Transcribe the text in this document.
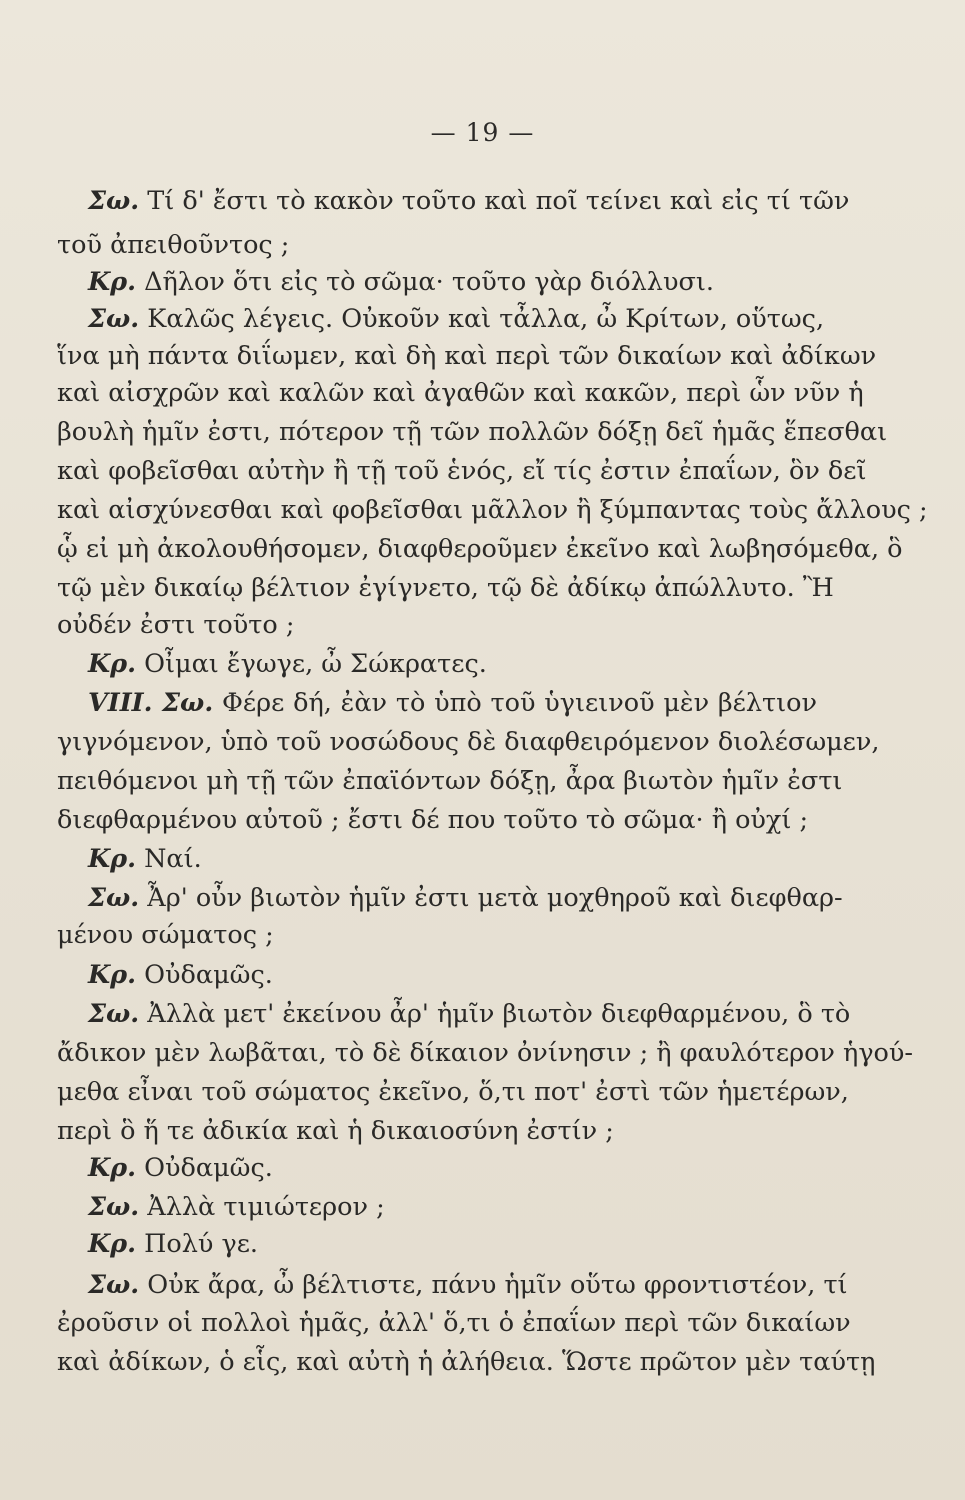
— 19 —
Σω. Τί δ' ἔστι τὸ κακὸν τοῦτο καὶ ποῖ τείνει καὶ εἰς τί τῶν
τοῦ ἀπειθοῦντος ;
Κρ. Δῆλον ὅτι εἰς τὸ σῶμα· τοῦτο γὰρ διόλλυσι.
Σω. Καλῶς λέγεις. Οὐκοῦν καὶ τἆλλα, ὦ Κρίτων, οὕτως,
ἵνα μὴ πάντα διΐωμεν, καὶ δὴ καὶ περὶ τῶν δικαίων καὶ ἀδίκων
καὶ αἰσχρῶν καὶ καλῶν καὶ ἀγαθῶν καὶ κακῶν, περὶ ὧν νῦν ἡ
βουλὴ ἡμῖν ἐστι, πότερον τῇ τῶν πολλῶν δόξῃ δεῖ ἡμᾶς ἕπεσθαι
καὶ φοβεῖσθαι αὐτὴν ἢ τῇ τοῦ ἑνός, εἴ τίς ἐστιν ἐπαΐων, ὃν δεῖ
καὶ αἰσχύνεσθαι καὶ φοβεῖσθαι μᾶλλον ἢ ξύμπαντας τοὺς ἄλλους ;
ᾧ εἰ μὴ ἀκολουθήσομεν, διαφθεροῦμεν ἐκεῖνο καὶ λωβησόμεθα, ὃ
τῷ μὲν δικαίῳ βέλτιον ἐγίγνετο, τῷ δὲ ἀδίκῳ ἀπώλλυτο. Ἢ
οὐδέν ἐστι τοῦτο ;
Κρ. Οἶμαι ἔγωγε, ὦ Σώκρατες.
VIII. Σω. Φέρε δή, ἐὰν τὸ ὑπὸ τοῦ ὑγιεινοῦ μὲν βέλτιον
γιγνόμενον, ὑπὸ τοῦ νοσώδους δὲ διαφθειρόμενον διολέσωμεν,
πειθόμενοι μὴ τῇ τῶν ἐπαϊόντων δόξῃ, ἆρα βιωτὸν ἡμῖν ἐστι
διεφθαρμένου αὐτοῦ ; ἔστι δέ που τοῦτο τὸ σῶμα· ἢ οὐχί ;
Κρ. Ναί.
Σω. Ἆρ' οὖν βιωτὸν ἡμῖν ἐστι μετὰ μοχθηροῦ καὶ διεφθαρ-
μένου σώματος ;
Κρ. Οὐδαμῶς.
Σω. Ἀλλὰ μετ' ἐκείνου ἆρ' ἡμῖν βιωτὸν διεφθαρμένου, ὃ τὸ
ἄδικον μὲν λωβᾶται, τὸ δὲ δίκαιον ὀνίνησιν ; ἢ φαυλότερον ἡγού-
μεθα εἶναι τοῦ σώματος ἐκεῖνο, ὅ,τι ποτ' ἐστὶ τῶν ἡμετέρων,
περὶ ὃ ἥ τε ἀδικία καὶ ἡ δικαιοσύνη ἐστίν ;
Κρ. Οὐδαμῶς.
Σω. Ἀλλὰ τιμιώτερον ;
Κρ. Πολύ γε.
Σω. Οὐκ ἄρα, ὦ βέλτιστε, πάνυ ἡμῖν οὕτω φροντιστέον, τί
ἐροῦσιν οἱ πολλοὶ ἡμᾶς, ἀλλ' ὅ,τι ὁ ἐπαΐων περὶ τῶν δικαίων
καὶ ἀδίκων, ὁ εἷς, καὶ αὐτὴ ἡ ἀλήθεια. Ὥστε πρῶτον μὲν ταύτῃ
